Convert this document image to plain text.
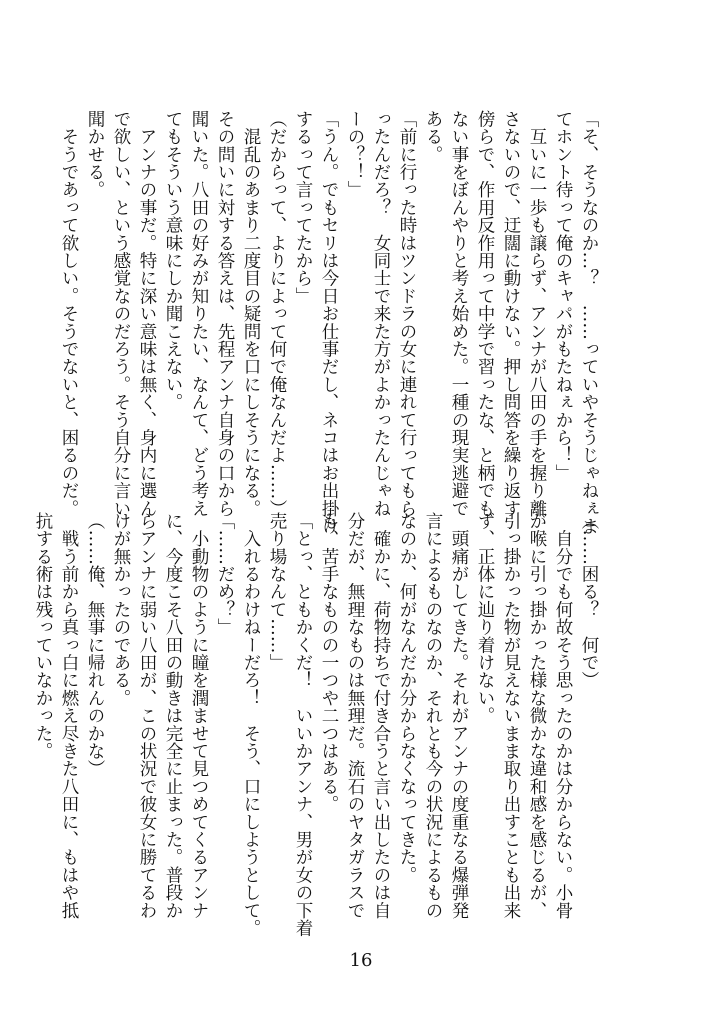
「そ、そうなのか…？　……っていやそうじゃねぇま
てホント待って俺のキャパがもたねぇから！」
　互いに一歩も譲らず、アンナが八田の手を握り離
さないので、迂闊に動けない。押し問答を繰り返す
傍らで、作用反作用って中学で習ったな、と柄でも
ない事をぼんやりと考え始めた。一種の現実逃避で
ある。
「前に行った時はツンドラの女に連れて行ってもら
ったんだろ？　女同士で来た方がよかったんじゃね
ーの？！」
「うん。でもセリは今日お仕事だし、ネコはお出掛け
するって言ってたから」
（だからって、よりによって何で俺なんだよ……）
　混乱のあまり二度目の疑問を口にしそうになる。
その問いに対する答えは、先程アンナ自身の口から
聞いた。八田の好みが知りたい、なんて、どう考え
てもそういう意味にしか聞こえない。
　アンナの事だ。特に深い意味は無く、身内に選ん
で欲しい、という感覚なのだろう。そう自分に言い
聞かせる。
　そうであって欲しい。そうでないと、困るのだ。
（……困る？　何で）
　自分でも何故そう思ったのかは分からない。小骨
が喉に引っ掛かった様な微かな違和感を感じるが、
引っ掛かった物が見えないまま取り出すことも出来
ず、正体に辿り着けない。
　頭痛がしてきた。それがアンナの度重なる爆弾発
言によるものなのか、それとも今の状況によるもの
なのか、何がなんだか分からなくなってきた。
　確かに、荷物持ちで付き合うと言い出したのは自
分だが、無理なものは無理だ。流石のヤタガラスで
も、苦手なものの一つや二つはある。
「とっ、ともかくだ！　いいかアンナ、男が女の下着
売り場なんて……」
　入れるわけねーだろ！　そう、口にしようとして。
「……だめ？」
　小動物のように瞳を潤ませて見つめてくるアンナ
に、今度こそ八田の動きは完全に止まった。普段か
らアンナに弱い八田が、この状況で彼女に勝てるわ
けが無かったのである。
（……俺、無事に帰れんのかな）
　戦う前から真っ白に燃え尽きた八田に、もはや抵
抗する術は残っていなかった。
16
